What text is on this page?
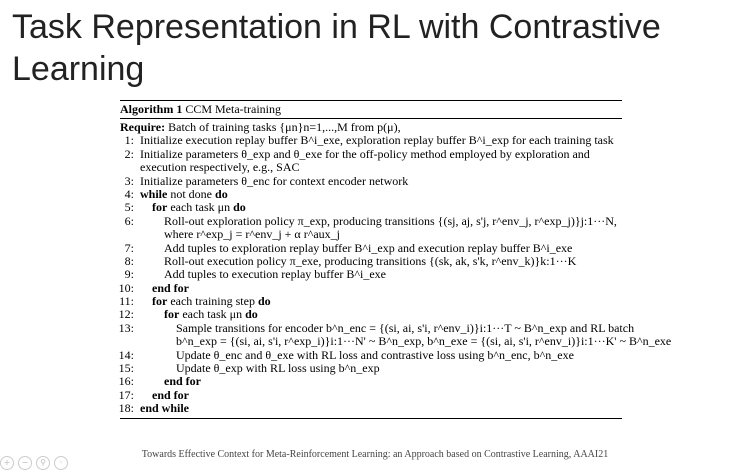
Task Representation in RL with Contrastive Learning
Algorithm 1 CCM Meta-training
Require: Batch of training tasks {μn}n=1,...,M from p(μ),
1: Initialize execution replay buffer B^i_exe, exploration replay buffer B^i_exp for each training task
2: Initialize parameters θ_exp and θ_exe for the off-policy method employed by exploration and
execution respectively, e.g., SAC
3: Initialize parameters θ_enc for context encoder network
4: while not done do
5: for each task μn do
6:	Roll-out exploration policy π_exp, producing transitions {(sj, aj, s'j, r^env_j, r^exp_j)}j:1···N,
where r^exp_j = r^env_j + α r^aux_j
7:	Add tuples to exploration replay buffer B^i_exp and execution replay buffer B^i_exe
8:	Roll-out execution policy π_exe, producing transitions {(sk, ak, s'k, r^env_k)}k:1···K
9:	Add tuples to execution replay buffer B^i_exe
10: end for
11: for each training step do
12:	for each task μn do
13:	Sample transitions for encoder b^n_enc = {(si, ai, s'i, r^env_i)}i:1···T ~ B^n_exp and RL batch
b^n_exp = {(si, ai, s'i, r^exp_i)}i:1···N' ~ B^n_exp, b^n_exe = {(si, ai, s'i, r^env_i)}i:1···K' ~ B^n_exe
14:	Update θ_enc and θ_exe with RL loss and contrastive loss using b^n_enc, b^n_exe
15:	Update θ_exp with RL loss using b^n_exp
16:	end for
17: end for
18: end while
Towards Effective Context for Meta-Reinforcement Learning: an Approach based on Contrastive Learning, AAAI21
+ − ⚲ ◦
